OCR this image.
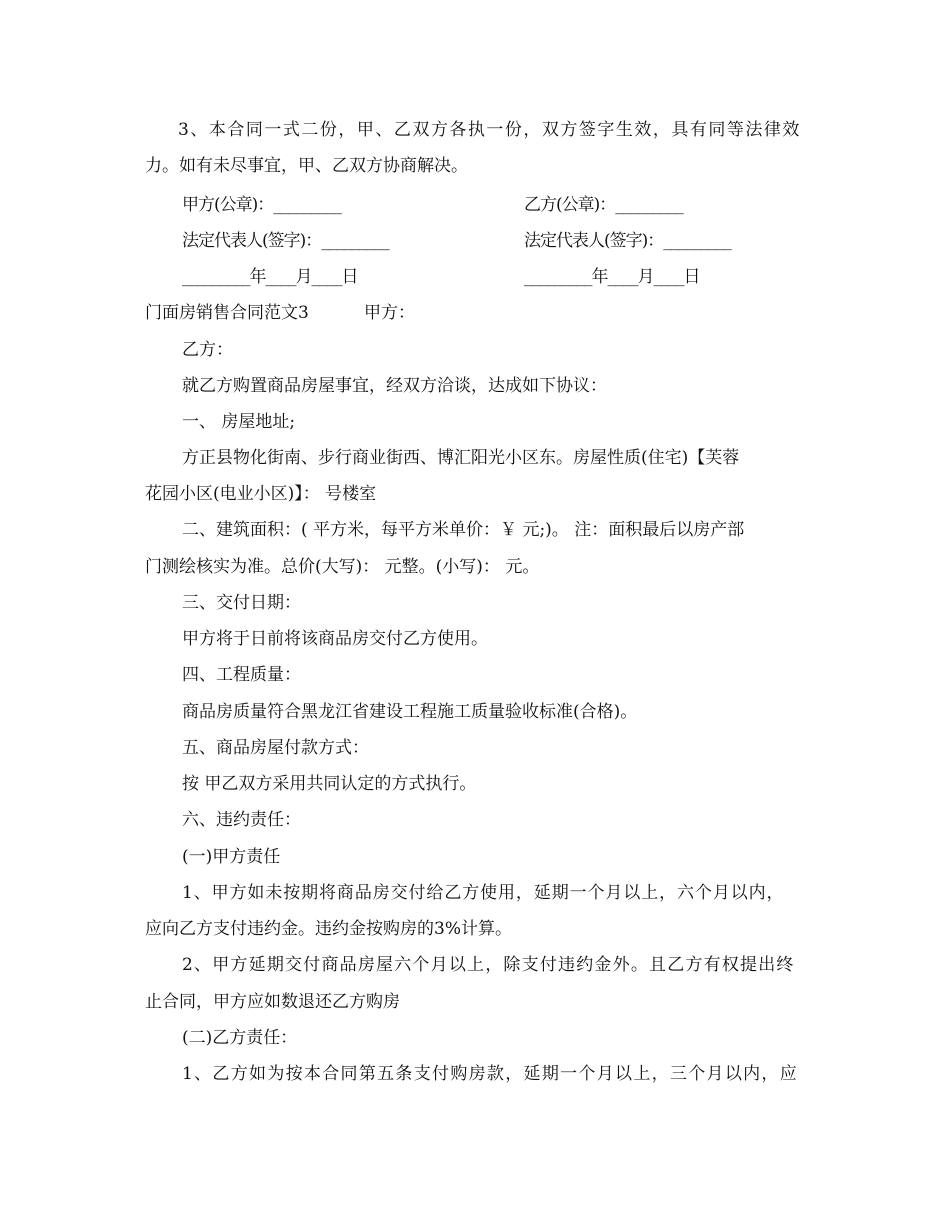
3、本合同一式二份，甲、乙双方各执一份，双方签字生效，具有同等法律效

力。如有未尽事宜，甲、乙双方协商解决。

甲方(公章)：_________	乙方(公章)：_________

法定代表人(签字)：_________	法定代表人(签字)：_________

_________年____月____日	_________年____月____日

门面房销售合同范文3	甲方：

乙方：

就乙方购置商品房屋事宜，经双方洽谈，达成如下协议：

一、 房屋地址;

方正县物化街南、步行商业街西、博汇阳光小区东。房屋性质(住宅)【芙蓉

花园小区(电业小区)】： 号楼室

二、建筑面积：( 平方米，每平方米单价：￥ 元;)。 注：面积最后以房产部

门测绘核实为准。总价(大写)： 元整。(小写)： 元。

三、交付日期：

甲方将于日前将该商品房交付乙方使用。

四、工程质量：

商品房质量符合黑龙江省建设工程施工质量验收标准(合格)。

五、商品房屋付款方式：

按 甲乙双方采用共同认定的方式执行。

六、违约责任：

(一)甲方责任

1、甲方如未按期将商品房交付给乙方使用，延期一个月以上，六个月以内，

应向乙方支付违约金。违约金按购房的3%计算。

2、甲方延期交付商品房屋六个月以上，除支付违约金外。且乙方有权提出终

止合同，甲方应如数退还乙方购房

(二)乙方责任：

1、乙方如为按本合同第五条支付购房款，延期一个月以上，三个月以内，应
